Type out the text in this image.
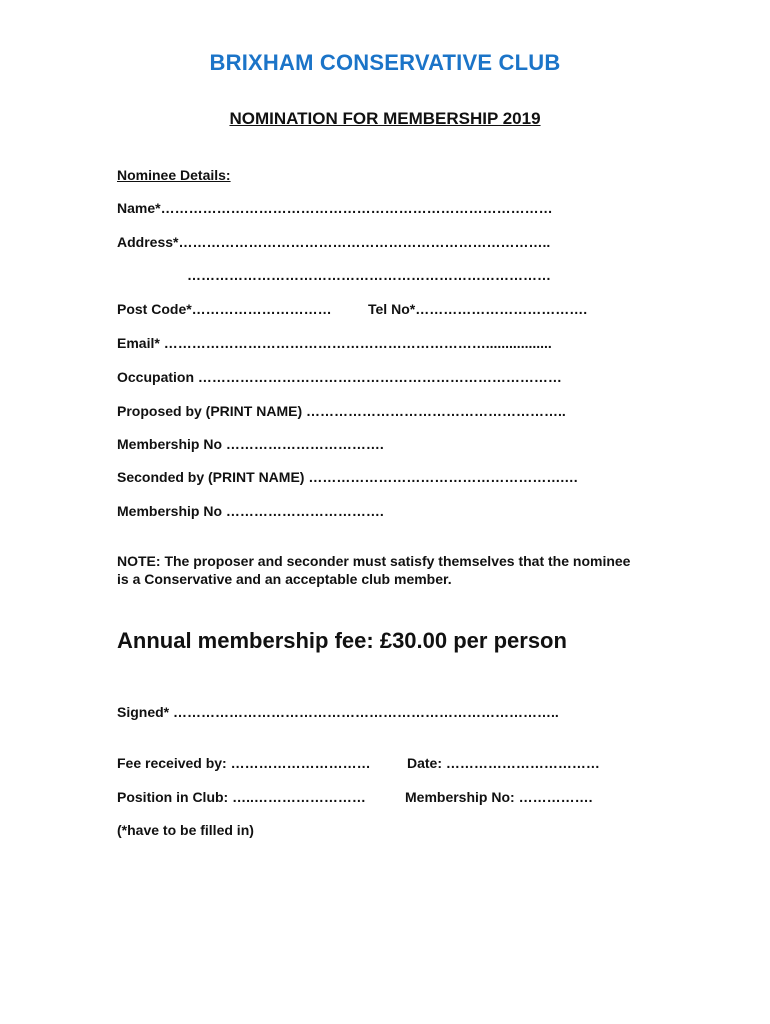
BRIXHAM CONSERVATIVE CLUB
NOMINATION FOR MEMBERSHIP 2019
Nominee Details:
Name*…………………………………………………………………………
Address*……………………………………………………………………..
……………………………………………………………………
Post Code*…………………………	Tel No*……………………………….
Email* …………………………………………………………….................
Occupation ……………………………………………………………………
Proposed by (PRINT NAME) ………………………………………………..
Membership No …………………………….
Seconded by (PRINT NAME) ……………………………………………….…
Membership No …………………………….
NOTE: The proposer and seconder must satisfy themselves that the nominee is a Conservative and an acceptable club member.
Annual membership fee: £30.00 per person
Signed* ………………………………………………………………………..
Fee received by: …………………………	Date: ……………………………
Position in Club: …..……………………	Membership No: …………….
(*have to be filled in)
